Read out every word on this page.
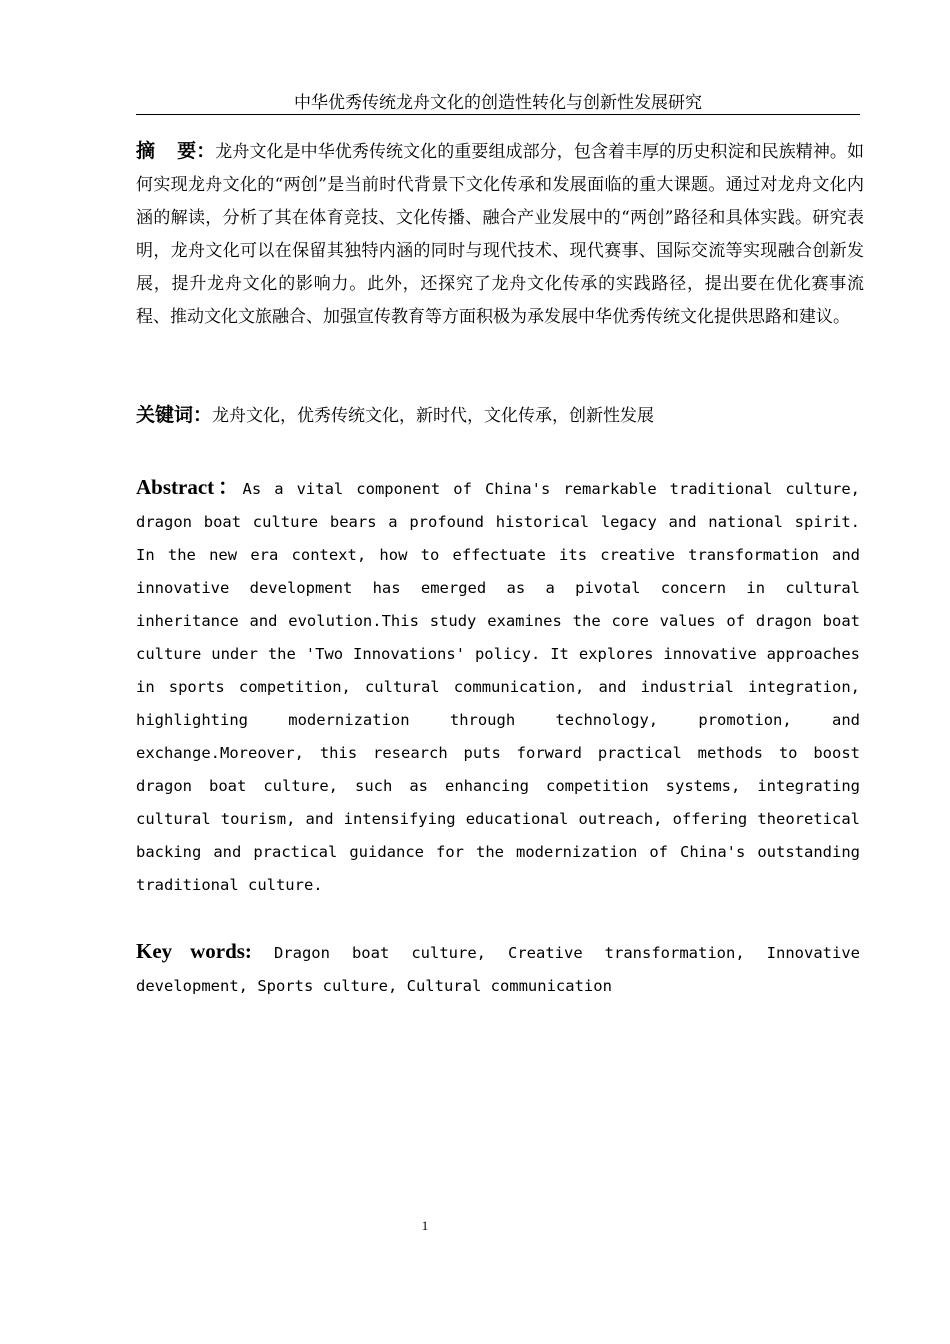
中华优秀传统龙舟文化的创造性转化与创新性发展研究
摘 要：龙舟文化是中华优秀传统文化的重要组成部分，包含着丰厚的历史积淀和民族精神。如何实现龙舟文化的“两创”是当前时代背景下文化传承和发展面临的重大课题。通过对龙舟文化内涵的解读，分析了其在体育竞技、文化传播、融合产业发展中的“两创”路径和具体实践。研究表明，龙舟文化可以在保留其独特内涵的同时与现代技术、现代赛事、国际交流等实现融合创新发展，提升龙舟文化的影响力。此外，还探究了龙舟文化传承的实践路径，提出要在优化赛事流程、推动文化文旅融合、加强宣传教育等方面积极为承发展中华优秀传统文化提供思路和建议。
关键词：龙舟文化，优秀传统文化，新时代，文化传承，创新性发展
Abstract：As a vital component of China's remarkable traditional culture, dragon boat culture bears a profound historical legacy and national spirit. In the new era context, how to effectuate its creative transformation and innovative development has emerged as a pivotal concern in cultural inheritance and evolution.This study examines the core values of dragon boat culture under the 'Two Innovations' policy. It explores innovative approaches in sports competition, cultural communication, and industrial integration, highlighting modernization through technology, promotion, and exchange.Moreover, this research puts forward practical methods to boost dragon boat culture, such as enhancing competition systems, integrating cultural tourism, and intensifying educational outreach, offering theoretical backing and practical guidance for the modernization of China's outstanding traditional culture.
Key words: Dragon boat culture, Creative transformation, Innovative development, Sports culture, Cultural communication
1
